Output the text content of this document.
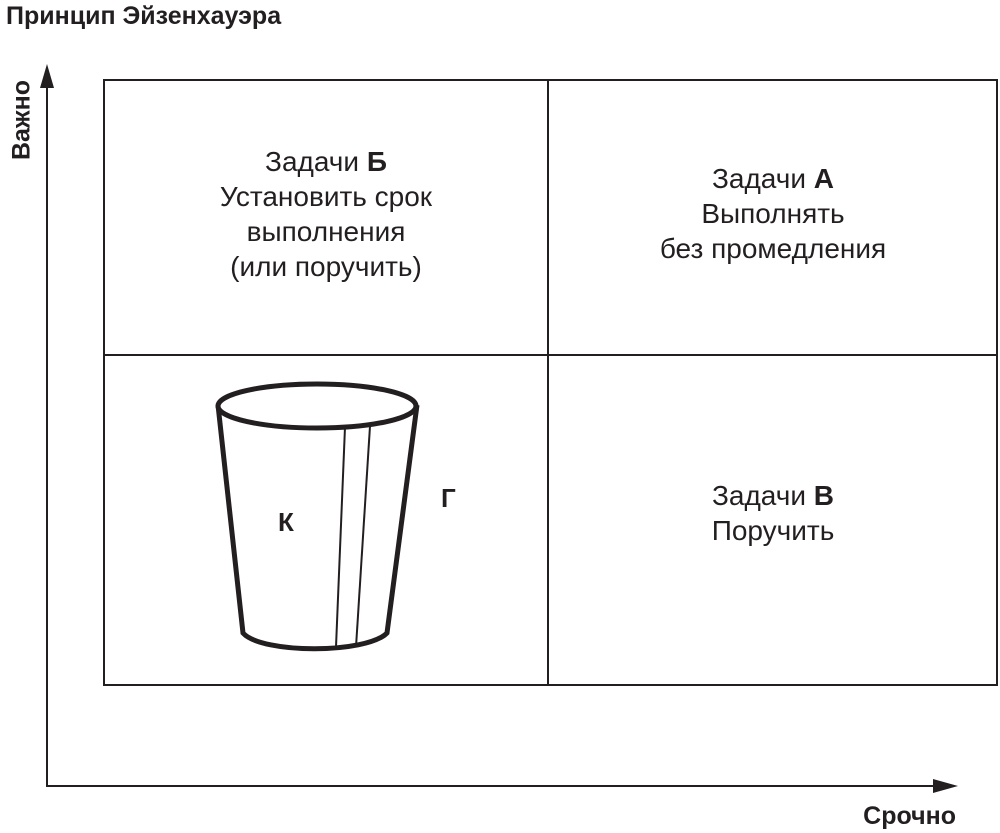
Принцип Эйзенхауэра
Важно
Срочно
Задачи Б
Установить срок
выполнения
(или поручить)
Задачи А
Выполнять
без промедления
Задачи В
Поручить
К
Г
